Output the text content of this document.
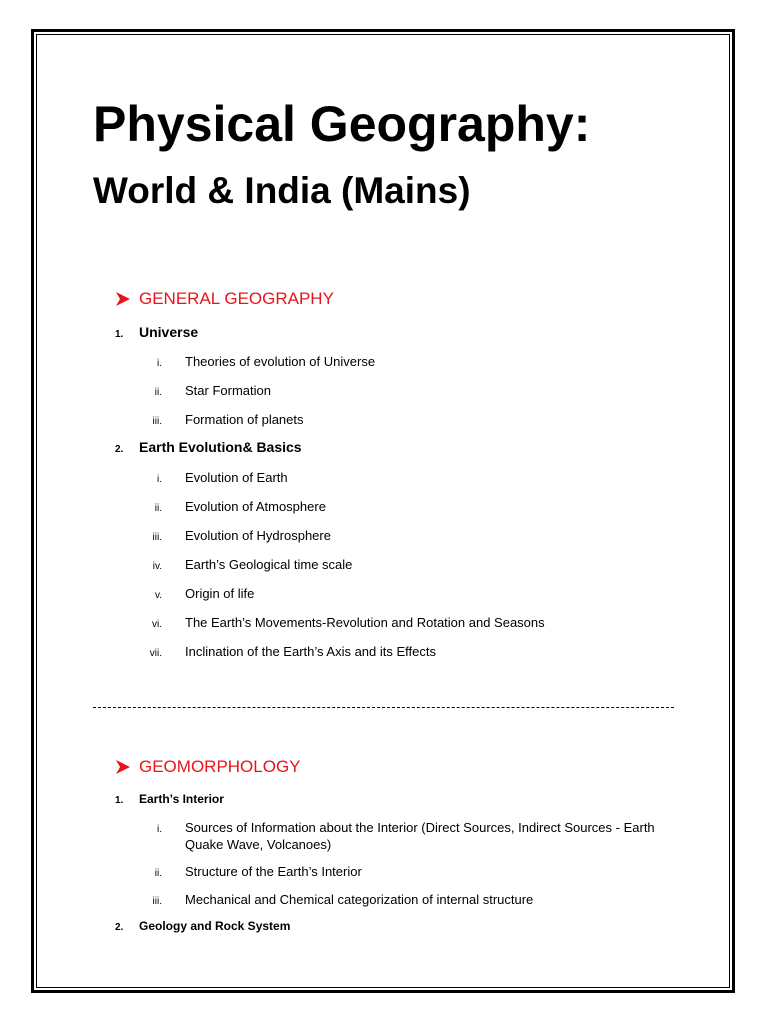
Physical Geography:
World & India (Mains)
GENERAL GEOGRAPHY
1.	Universe
i. Theories of evolution of Universe
ii. Star Formation
iii. Formation of planets
2.	Earth Evolution& Basics
i. Evolution of Earth
ii. Evolution of Atmosphere
iii. Evolution of Hydrosphere
iv. Earth’s Geological time scale
v. Origin of life
vi. The Earth’s Movements-Revolution and Rotation and Seasons
vii. Inclination of the Earth’s Axis and its Effects
GEOMORPHOLOGY
1.	Earth’s Interior
i. Sources of Information about the Interior (Direct Sources, Indirect Sources - Earth Quake Wave, Volcanoes)
ii. Structure of the Earth’s Interior
iii. Mechanical and Chemical categorization of internal structure
2.	Geology and Rock System
